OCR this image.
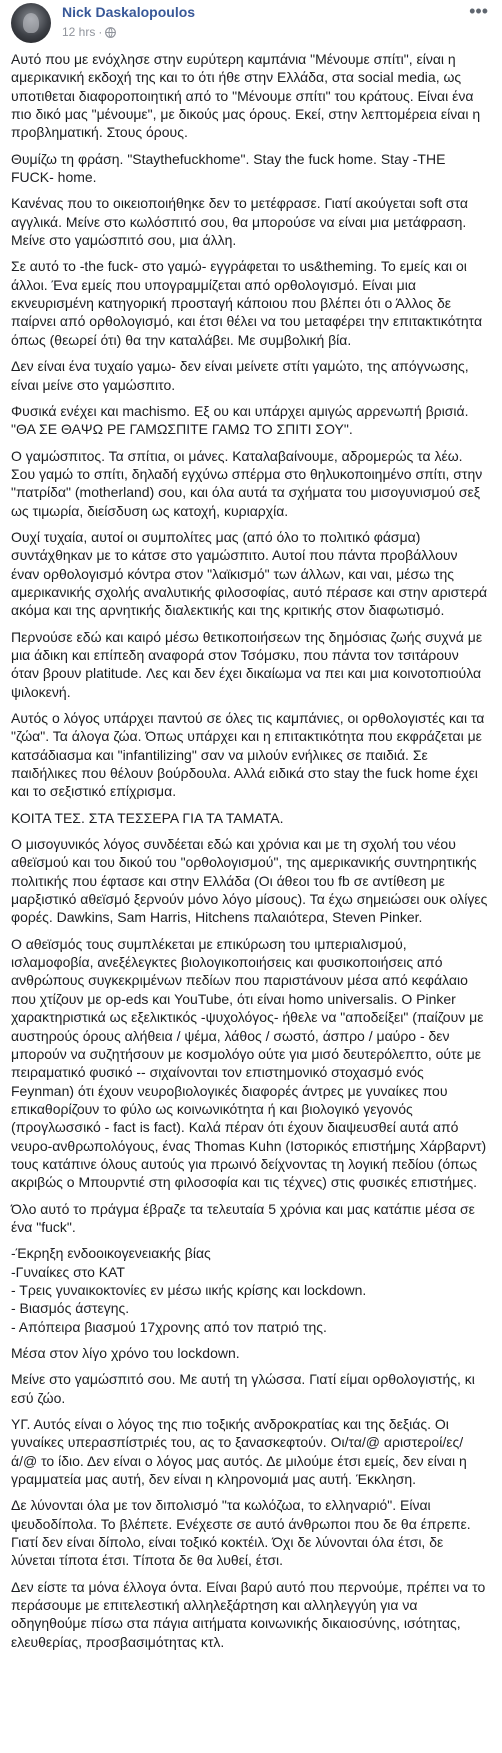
Nick Daskalopoulos
12 hrs ·
•••

Αυτό που με ενόχλησε στην ευρύτερη καμπάνια "Μένουμε σπίτι", είναι η αμερικανική εκδοχή της και το ότι ήθε στην Ελλάδα, στα social media, ως υποτιθεται διαφοροποιητική από το "Μένουμε σπίτι" του κράτους. Είναι ένα πιο δικό μας "μένουμε", με δικούς μας όρους. Εκεί, στην λεπτομέρεια είναι η προβληματική. Στους όρους.

Θυμίζω τη φράση. "Staythefuckhome". Stay the fuck home. Stay -THE FUCK- home.

Κανένας που το οικειοποιήθηκε δεν το μετέφρασε. Γιατί ακούγεται soft στα αγγλικά. Μείνε στο κωλόσπιτό σου, θα μπορούσε να είναι μια μετάφραση. Μείνε στο γαμώσπιτό σου, μια άλλη.

Σε αυτό το -the fuck- στο γαμώ- εγγράφεται το us&theming. Το εμείς και οι άλλοι. Ένα εμείς που υπογραμμίζεται από ορθολογισμό. Είναι μια εκνευρισμένη κατηγορική προσταγή κάποιου που βλέπει ότι ο Άλλος δε παίρνει από ορθολογισμό, και έτσι θέλει να του μεταφέρει την επιτακτικότητα όπως (θεωρεί ότι) θα την καταλάβει. Με συμβολική βία.

Δεν είναι ένα τυχαίο γαμω- δεν είναι μείνετε στίτι γαμώτο, της απόγνωσης, είναι μείνε στο γαμώσπιτο.

Φυσικά ενέχει και machismo. Εξ ου και υπάρχει αμιγώς αρρενωπή βρισιά. "ΘΑ ΣΕ ΘΑΨΩ ΡΕ ΓΑΜΩΣΠΙΤΕ ΓΑΜΩ ΤΟ ΣΠΙΤΙ ΣΟΥ".

Ο γαμώσπιτος. Τα σπίτια, οι μάνες. Καταλαβαίνουμε, αδρομερώς τα λέω. Σου γαμώ το σπίτι, δηλαδή εγχύνω σπέρμα στο θηλυκοποιημένο σπίτι, στην "πατρίδα" (motherland) σου, και όλα αυτά τα σχήματα του μισογυνισμού σεξ ως τιμωρία, διείσδυση ως κατοχή, κυριαρχία.

Ουχί τυχαία, αυτοί οι συμπολίτες μας (από όλο το πολιτικό φάσμα) συντάχθηκαν με το κάτσε στο γαμώσπιτο. Αυτοί που πάντα προβάλλουν έναν ορθολογισμό κόντρα στον "λαϊκισμό" των άλλων, και ναι, μέσω της αμερικανικής σχολής αναλυτικής φιλοσοφίας, αυτό πέρασε και στην αριστερά ακόμα και της αρνητικής διαλεκτικής και της κριτικής στον διαφωτισμό.

Περνούσε εδώ και καιρό μέσω θετικοποιήσεων της δημόσιας ζωής συχνά με μια άδικη και επίπεδη αναφορά στον Τσόμσκυ, που πάντα τον τσιτάρουν όταν βρουν platitude. Λες και δεν έχει δικαίωμα να πει και μια κοινοτοπιούλα ψιλοκενή.

Αυτός ο λόγος υπάρχει παντού σε όλες τις καμπάνιες, οι ορθολογιστές και τα "ζώα". Τα άλογα ζώα. Όπως υπάρχει και η επιτακτικότητα που εκφράζεται με κατσάδιασμα και "infantilizing" σαν να μιλούν ενήλικες σε παιδιά. Σε παιδήλικες που θέλουν βούρδουλα. Αλλά ειδικά στο stay the fuck home έχει και το σεξιστικό επίχρισμα.

ΚΟΙΤΑ ΤΕΣ. ΣΤΑ ΤΕΣΣΕΡΑ ΓΙΑ ΤΑ ΤΑΜΑΤΑ.

Ο μισογυνικός λόγος συνδέεται εδώ και χρόνια και με τη σχολή του νέου αθεϊσμού και του δικού του "ορθολογισμού", της αμερικανικής συντηρητικής πολιτικής που έφτασε και στην Ελλάδα (Οι άθεοι του fb σε αντίθεση με μαρξιστικό αθεϊσμό ξερνούν μόνο λόγο μίσους). Τα έχω σημειώσει ουκ ολίγες φορές. Dawkins, Sam Harris, Hitchens παλαιότερα, Steven Pinker.

Ο αθεϊσμός τους συμπλέκεται με επικύρωση του ιμπεριαλισμού, ισλαμοφοβία, ανεξέλεγκτες βιολογικοποιήσεις και φυσικοποιήσεις από ανθρώπους συγκεκριμένων πεδίων που παριστάνουν μέσα από κεφάλαιο που χτίζουν με op-eds και YouTube, ότι είναι homo universalis. Ο Pinker χαρακτηριστικά ως εξελικτικός -ψυχολόγος- ήθελε να "αποδείξει" (παίζουν με αυστηρούς όρους αλήθεια / ψέμα, λάθος / σωστό, άσπρο / μαύρο - δεν μπορούν να συζητήσουν με κοσμολόγο ούτε για μισό δευτερόλεπτο, ούτε με πειραματικό φυσικό -- σιχαίνονται τον επιστημονικό στοχασμό ενός Feynman) ότι έχουν νευροβιολογικές διαφορές άντρες με γυναίκες που επικαθορίζουν το φύλο ως κοινωνικότητα ή και βιολογικό γεγονός (προγλωσσικό - fact is fact). Καλά πέραν ότι έχουν διαψευσθεί αυτά από νευρο-ανθρωπολόγους, ένας Thomas Kuhn (Ιστορικός επιστήμης Χάρβαρντ) τους κατάπινε όλους αυτούς για πρωινό δείχνοντας τη λογική πεδίου (όπως ακριβώς ο Μπουρντιέ στη φιλοσοφία και τις τέχνες) στις φυσικές επιστήμες.

Όλο αυτό το πράγμα έβραζε τα τελευταία 5 χρόνια και μας κατάπιε μέσα σε ένα "fuck".

-Έκρηξη ενδοοικογενειακής βίας
-Γυναίκες στο ΚΑΤ
- Τρεις γυναικοκτονίες εν μέσω ιικής κρίσης και lockdown.
- Βιασμός άστεγης.
- Απόπειρα βιασμού 17χρονης από τον πατριό της.

Μέσα στον λίγο χρόνο του lockdown.

Μείνε στο γαμώσπιτό σου. Με αυτή τη γλώσσα. Γιατί είμαι ορθολογιστής, κι εσύ ζώο.

ΥΓ. Αυτός είναι ο λόγος της πιο τοξικής ανδροκρατίας και της δεξιάς. Οι γυναίκες υπερασπίστριές του, ας το ξανασκεφτούν. Οι/τα/@ αριστεροί/ες/ά/@ το ίδιο. Δεν είναι ο λόγος μας αυτός. Δε μιλούμε έτσι εμείς, δεν είναι η γραμματεία μας αυτή, δεν είναι η κληρονομιά μας αυτή. Έκκληση.

Δε λύνονται όλα με τον διπολισμό "τα κωλόζωα, το ελληναριό". Είναι ψευδοδίπολα. Το βλέπετε. Ενέχεστε σε αυτό άνθρωποι που δε θα έπρεπε. Γιατί δεν είναι δίπολο, είναι τοξικό κοκτέιλ. Όχι δε λύνονται όλα έτσι, δε λύνεται τίποτα έτσι. Τίποτα δε θα λυθεί, έτσι.

Δεν είστε τα μόνα έλλογα όντα. Είναι βαρύ αυτό που περνούμε, πρέπει να το περάσουμε με επιτελεστική αλληλεξάρτηση και αλληλεγγύη για να οδηγηθούμε πίσω στα πάγια αιτήματα κοινωνικής δικαιοσύνης, ισότητας, ελευθερίας, προσβασιμότητας κτλ.
